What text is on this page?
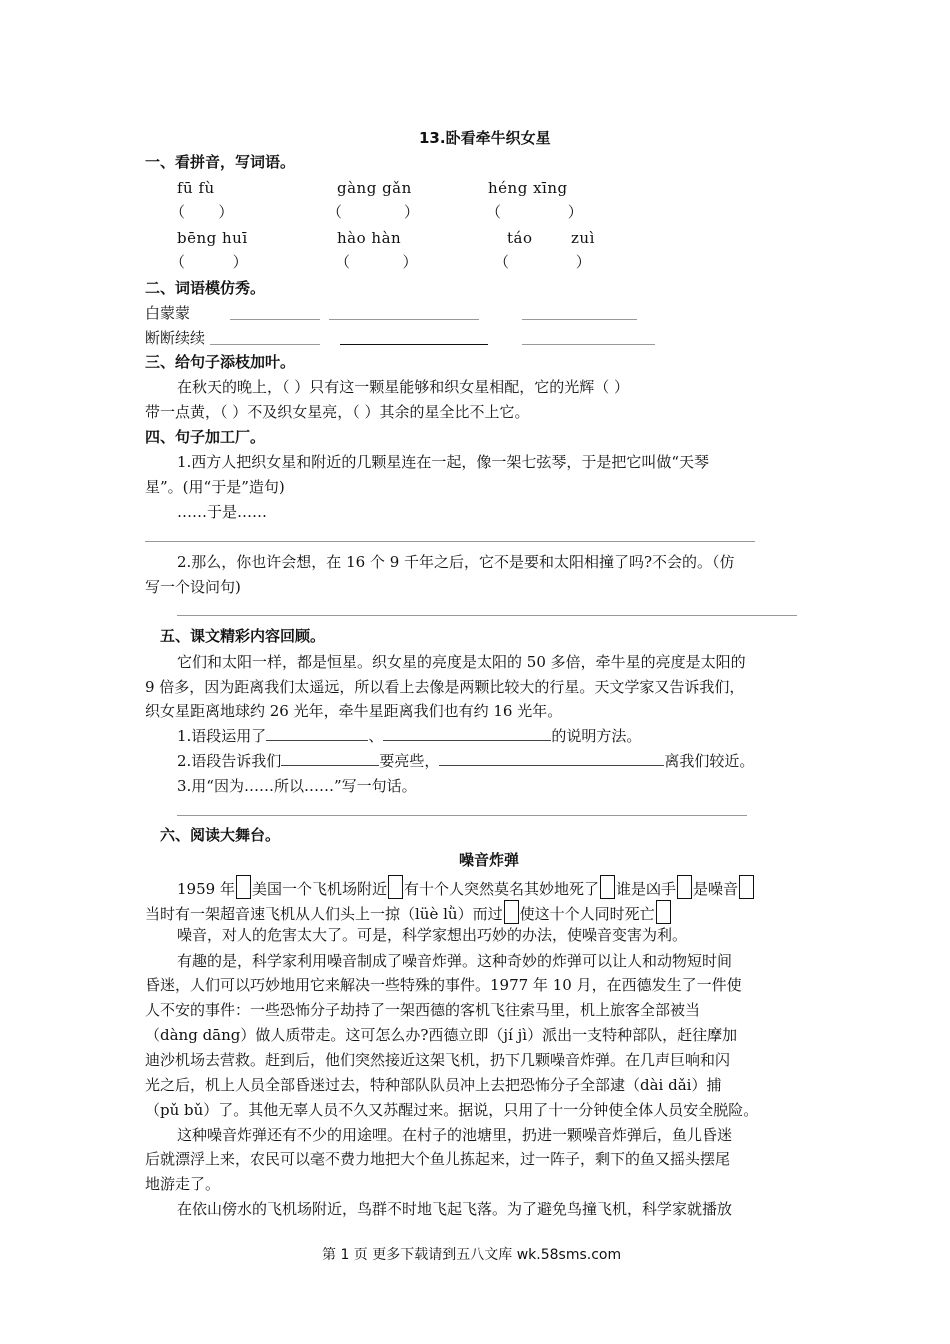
13.卧看牵牛织女星
一、看拼音，写词语。
fū fù	gàng gǎn	héng xīng
（       ）	（             ）	（              ）
bēng huī	hào hàn	táo	zuì
（          ）	（           ）	（              ）
二、词语模仿秀。
白蒙蒙
断断续续
三、给句子添枝加叶。
在秋天的晚上，（ ）只有这一颗星能够和织女星相配，它的光辉（ ）
带一点黄，（ ）不及织女星亮，（ ）其余的星全比不上它。
四、句子加工厂。
1.西方人把织女星和附近的几颗星连在一起，像一架七弦琴，于是把它叫做“天琴
星”。(用“于是”造句)
……于是……
2.那么，你也许会想，在 16 个 9 千年之后，它不是要和太阳相撞了吗?不会的。（仿
写一个设问句)
五、课文精彩内容回顾。
它们和太阳一样，都是恒星。织女星的亮度是太阳的 50 多倍，牵牛星的亮度是太阳的
9 倍多，因为距离我们太遥远，所以看上去像是两颗比较大的行星。天文学家又告诉我们，
织女星距离地球约 26 光年，牵牛星距离我们也有约 16 光年。
1.语段运用了	、	的说明方法。
2.语段告诉我们	要亮些，	离我们较近。
3.用“因为……所以……”写一句话。
六、阅读大舞台。
噪音炸弹
1959 年 美国一个飞机场附近 有十个人突然莫名其妙地死了 谁是凶手 是噪音
当时有一架超音速飞机从人们头上一掠（lüè lǜ）而过 使这十个人同时死亡
噪音，对人的危害太大了。可是，科学家想出巧妙的办法，使噪音变害为利。
有趣的是，科学家利用噪音制成了噪音炸弹。这种奇妙的炸弹可以让人和动物短时间
昏迷，人们可以巧妙地用它来解决一些特殊的事件。1977 年 10 月，在西德发生了一件使
人不安的事件：一些恐怖分子劫持了一架西德的客机飞往索马里，机上旅客全部被当
（dàng dāng）做人质带走。这可怎么办?西德立即（jí jì）派出一支特种部队，赶往摩加
迪沙机场去营救。赶到后，他们突然接近这架飞机，扔下几颗噪音炸弹。在几声巨响和闪
光之后，机上人员全部昏迷过去，特种部队队员冲上去把恐怖分子全部逮（dài dǎi）捕
（pǔ bǔ）了。其他无辜人员不久又苏醒过来。据说，只用了十一分钟使全体人员安全脱险。
这种噪音炸弹还有不少的用途哩。在村子的池塘里，扔进一颗噪音炸弹后，鱼儿昏迷
后就漂浮上来，农民可以毫不费力地把大个鱼儿拣起来，过一阵子，剩下的鱼又摇头摆尾
地游走了。
在依山傍水的飞机场附近，鸟群不时地飞起飞落。为了避免鸟撞飞机，科学家就播放
第 1 页 更多下载请到五八文库 wk.58sms.com
